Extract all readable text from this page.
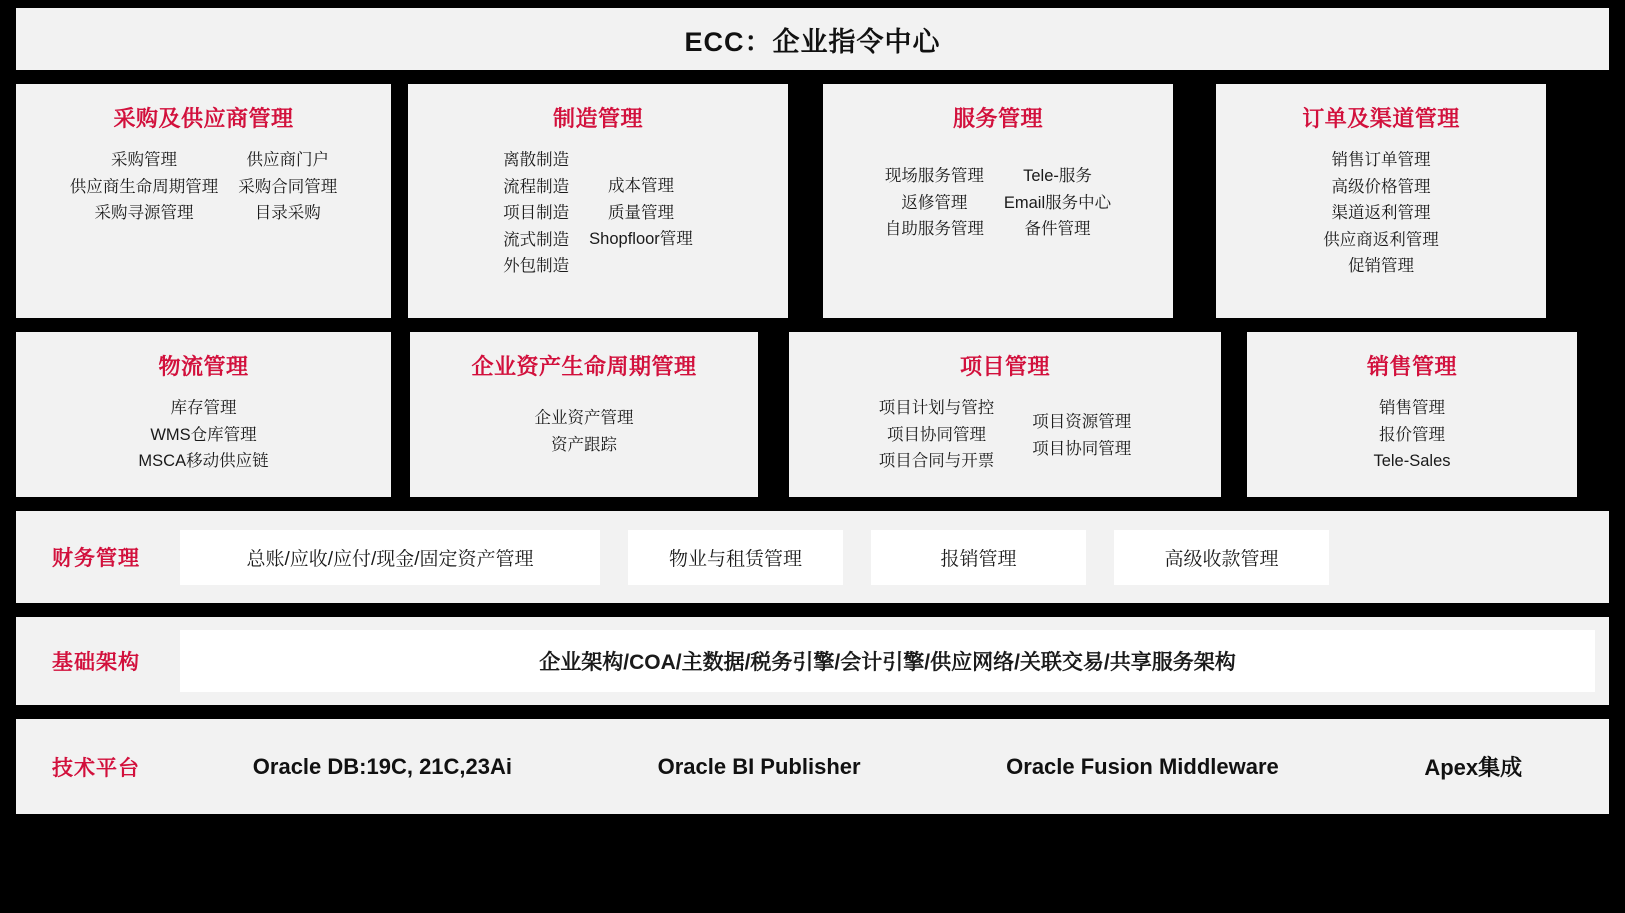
ECC：企业指令中心
采购及供应商管理
采购管理
供应商生命周期管理
采购寻源管理
供应商门户
采购合同管理
目录采购
制造管理
离散制造
流程制造
项目制造
流式制造
外包制造
成本管理
质量管理
Shopfloor管理
服务管理
现场服务管理
返修管理
自助服务管理
Tele-服务
Email服务中心
备件管理
订单及渠道管理
销售订单管理
高级价格管理
渠道返利管理
供应商返利管理
促销管理
物流管理
库存管理
WMS仓库管理
MSCA移动供应链
企业资产生命周期管理
企业资产管理
资产跟踪
项目管理
项目计划与管控
项目协同管理
项目合同与开票
项目资源管理
项目协同管理
销售管理
销售管理
报价管理
Tele-Sales
财务管理	总账/应收/应付/现金/固定资产管理	物业与租赁管理	报销管理	高级收款管理
基础架构	企业架构/COA/主数据/税务引擎/会计引擎/供应网络/关联交易/共享服务架构
技术平台	Oracle DB:19C, 21C,23Ai	Oracle BI Publisher	Oracle Fusion Middleware	Apex集成
